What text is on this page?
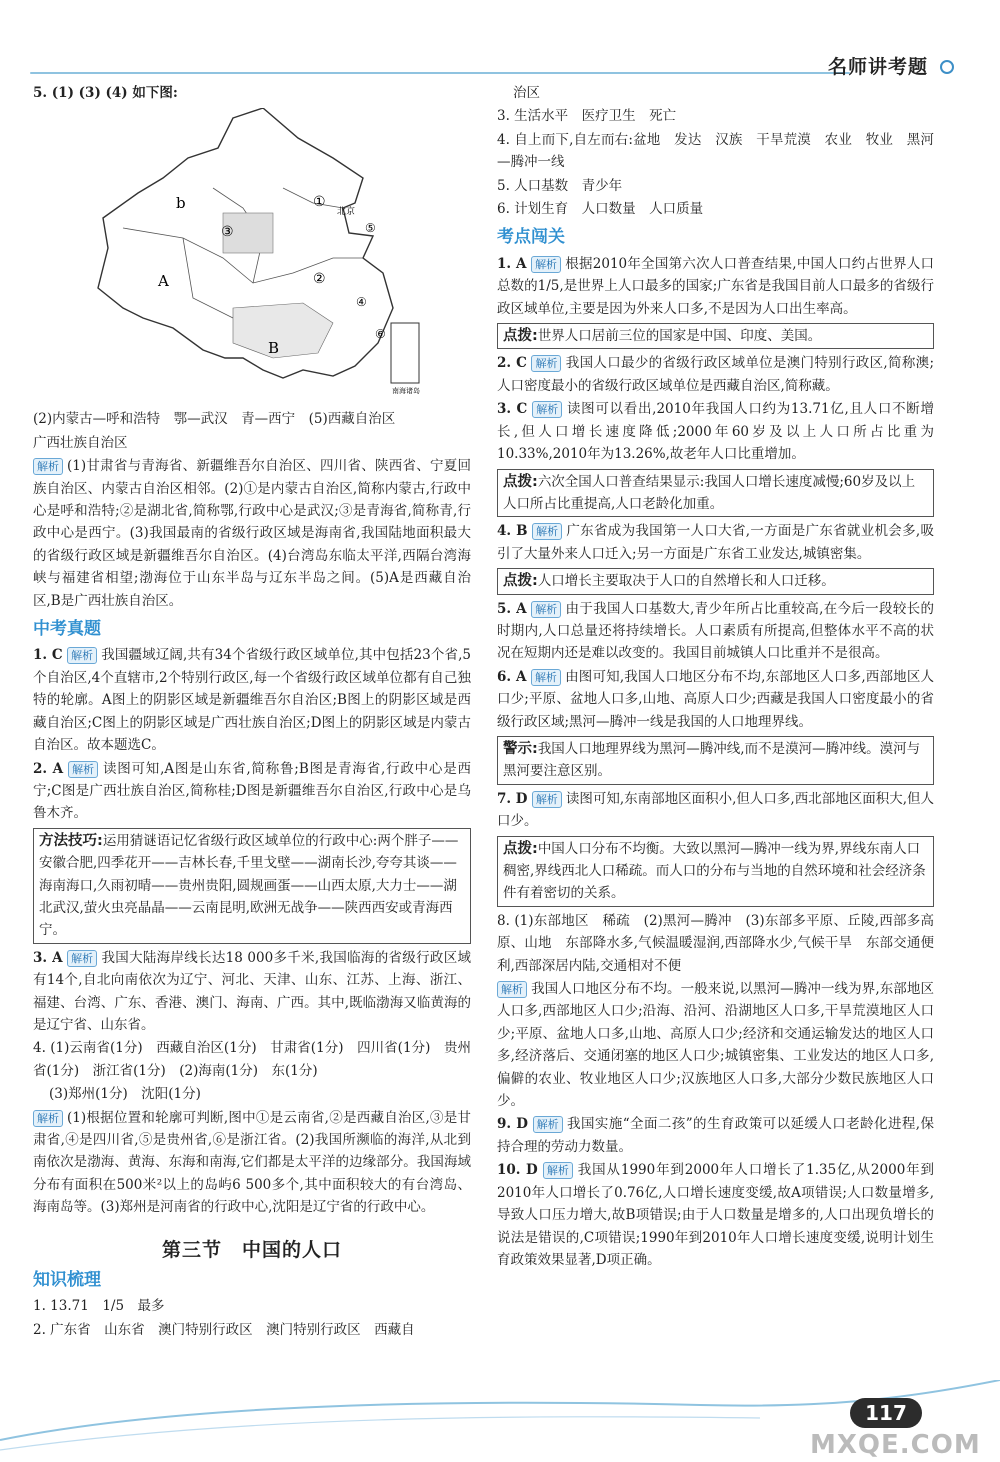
名师讲考题

5. (1) (3) (4) 如下图:

b
A
B
①
②
③
④
⑤
⑥
北京
南海诸岛

(2)内蒙古—呼和浩特　鄂—武汉　青—西宁　(5)西藏自治区

广西壮族自治区

解析 (1)甘肃省与青海省、新疆维吾尔自治区、四川省、陕西省、宁夏回族自治区、内蒙古自治区相邻。(2)①是内蒙古自治区,简称内蒙古,行政中心是呼和浩特;②是湖北省,简称鄂,行政中心是武汉;③是青海省,简称青,行政中心是西宁。(3)我国最南的省级行政区域是海南省,我国陆地面积最大的省级行政区域是新疆维吾尔自治区。(4)台湾岛东临太平洋,西隔台湾海峡与福建省相望;渤海位于山东半岛与辽东半岛之间。(5)A是西藏自治区,B是广西壮族自治区。

中考真题

1. C 解析 我国疆域辽阔,共有34个省级行政区域单位,其中包括23个省,5个自治区,4个直辖市,2个特别行政区,每一个省级行政区域单位都有自己独特的轮廓。A图上的阴影区域是新疆维吾尔自治区;B图上的阴影区域是西藏自治区;C图上的阴影区域是广西壮族自治区;D图上的阴影区域是内蒙古自治区。故本题选C。

2. A 解析 读图可知,A图是山东省,简称鲁;B图是青海省,行政中心是西宁;C图是广西壮族自治区,简称桂;D图是新疆维吾尔自治区,行政中心是乌鲁木齐。

方法技巧:运用猜谜语记忆省级行政区域单位的行政中心:两个胖子——安徽合肥,四季花开——吉林长春,千里戈壁——湖南长沙,夸夸其谈——海南海口,久雨初晴——贵州贵阳,圆规画蛋——山西太原,大力士——湖北武汉,萤火虫亮晶晶——云南昆明,欧洲无战争——陕西西安或青海西宁。

3. A 解析 我国大陆海岸线长达18 000多千米,我国临海的省级行政区域有14个,自北向南依次为辽宁、河北、天津、山东、江苏、上海、浙江、福建、台湾、广东、香港、澳门、海南、广西。其中,既临渤海又临黄海的是辽宁省、山东省。

4. (1)云南省(1分)　西藏自治区(1分)　甘肃省(1分)　四川省(1分)　贵州省(1分)　浙江省(1分)　(2)海南(1分)　东(1分)

(3)郑州(1分)　沈阳(1分)

解析 (1)根据位置和轮廓可判断,图中①是云南省,②是西藏自治区,③是甘肃省,④是四川省,⑤是贵州省,⑥是浙江省。(2)我国所濒临的海洋,从北到南依次是渤海、黄海、东海和南海,它们都是太平洋的边缘部分。我国海域分布有面积在500米²以上的岛屿6 500多个,其中面积较大的有台湾岛、海南岛等。(3)郑州是河南省的行政中心,沈阳是辽宁省的行政中心。

第三节　中国的人口
知识梳理

1. 13.71　1/5　最多

2. 广东省　山东省　澳门特别行政区　澳门特别行政区　西藏自

治区

3. 生活水平　医疗卫生　死亡

4. 自上而下,自左而右:盆地　发达　汉族　干旱荒漠　农业　牧业　黑河—腾冲一线

5. 人口基数　青少年

6. 计划生育　人口数量　人口质量

考点闯关

1. A 解析 根据2010年全国第六次人口普查结果,中国人口约占世界人口总数的1/5,是世界上人口最多的国家;广东省是我国目前人口最多的省级行政区域单位,主要是因为外来人口多,不是因为人口出生率高。

点拨:世界人口居前三位的国家是中国、印度、美国。

2. C 解析 我国人口最少的省级行政区域单位是澳门特别行政区,简称澳;人口密度最小的省级行政区域单位是西藏自治区,简称藏。

3. C 解析 读图可以看出,2010年我国人口约为13.71亿,且人口不断增长,但人口增长速度降低;2000年60岁及以上人口所占比重为10.33%,2010年为13.26%,故老年人口比重增加。

点拨:六次全国人口普查结果显示:我国人口增长速度减慢;60岁及以上人口所占比重提高,人口老龄化加重。

4. B 解析 广东省成为我国第一人口大省,一方面是广东省就业机会多,吸引了大量外来人口迁入;另一方面是广东省工业发达,城镇密集。

点拨:人口增长主要取决于人口的自然增长和人口迁移。

5. A 解析 由于我国人口基数大,青少年所占比重较高,在今后一段较长的时期内,人口总量还将持续增长。人口素质有所提高,但整体水平不高的状况在短期内还是难以改变的。我国目前城镇人口比重并不是很高。

6. A 解析 由图可知,我国人口地区分布不均,东部地区人口多,西部地区人口少;平原、盆地人口多,山地、高原人口少;西藏是我国人口密度最小的省级行政区域;黑河—腾冲一线是我国的人口地理界线。

警示:我国人口地理界线为黑河—腾冲线,而不是漠河—腾冲线。漠河与黑河要注意区别。

7. D 解析 读图可知,东南部地区面积小,但人口多,西北部地区面积大,但人口少。

点拨:中国人口分布不均衡。大致以黑河—腾冲一线为界,界线东南人口稠密,界线西北人口稀疏。而人口的分布与当地的自然环境和社会经济条件有着密切的关系。

8. (1)东部地区　稀疏　(2)黑河—腾冲　(3)东部多平原、丘陵,西部多高原、山地　东部降水多,气候温暖湿润,西部降水少,气候干旱　东部交通便利,西部深居内陆,交通相对不便

解析 我国人口地区分布不均。一般来说,以黑河—腾冲一线为界,东部地区人口多,西部地区人口少;沿海、沿河、沿湖地区人口多,干旱荒漠地区人口少;平原、盆地人口多,山地、高原人口少;经济和交通运输发达的地区人口多,经济落后、交通闭塞的地区人口少;城镇密集、工业发达的地区人口多,偏僻的农业、牧业地区人口少;汉族地区人口多,大部分少数民族地区人口少。

9. D 解析 我国实施“全面二孩”的生育政策可以延缓人口老龄化进程,保持合理的劳动力数量。

10. D 解析 我国从1990年到2000年人口增长了1.35亿,从2000年到2010年人口增长了0.76亿,人口增长速度变缓,故A项错误;人口数量增多,导致人口压力增大,故B项错误;由于人口数量是增多的,人口出现负增长的说法是错误的,C项错误;1990年到2010年人口增长速度变缓,说明计划生育政策效果显著,D项正确。

117
MXQE.COM
